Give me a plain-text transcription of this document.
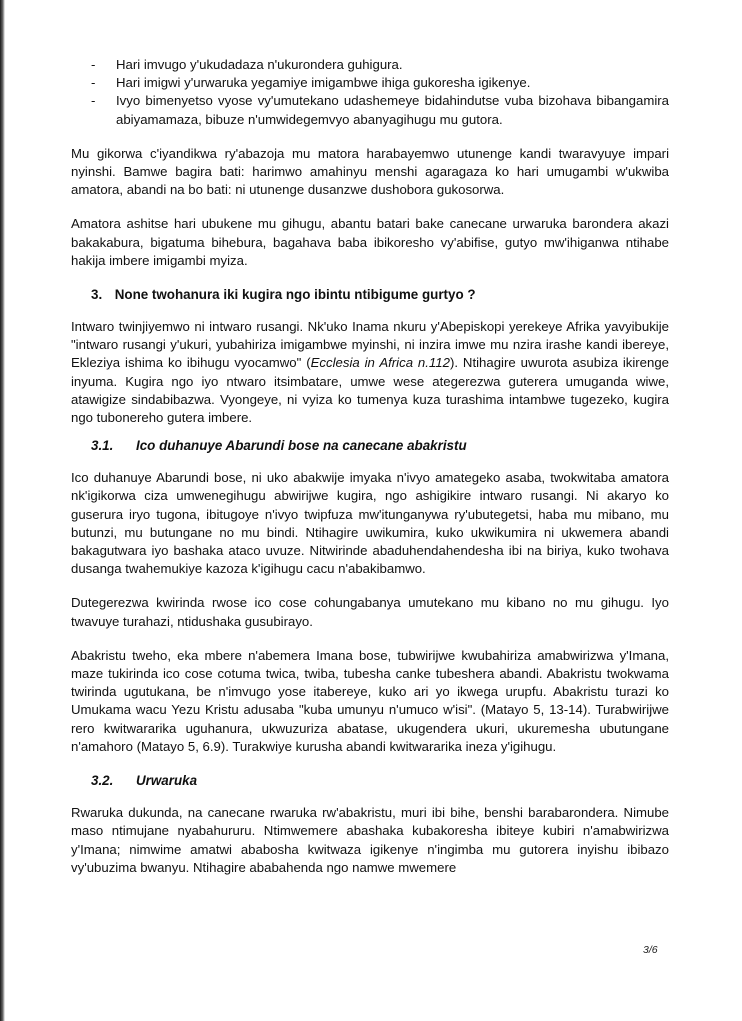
- Hari imvugo y'ukudadaza n'ukurondera guhigura.
- Hari imigwi y'urwaruka yegamiye imigambwe ihiga gukoresha igikenye.
- Ivyo bimenyetso vyose vy'umutekano udashemeye bidahindutse vuba bizohava bibangamira abiyamamaza, bibuze n'umwidegemvyo abanyagihugu mu gutora.

Mu gikorwa c'iyandikwa ry'abazoja mu matora harabayemwo utunenge kandi twaravyuye impari nyinshi. Bamwe bagira bati: harimwo amahinyu menshi agaragaza ko hari umugambi w'ukwiba amatora, abandi na bo bati: ni utunenge dusanzwe dushobora gukosorwa.

Amatora ashitse hari ubukene mu gihugu, abantu batari bake canecane urwaruka barondera akazi bakakabura, bigatuma bihebura, bagahava baba ibikoresho vy'abifise, gutyo mw'ihiganwa ntihabe hakija imbere imigambi myiza.

3. None twohanura iki kugira ngo ibintu ntibigume gurtyo ?

Intwaro twinjiyemwo ni intwaro rusangi. Nk'uko Inama nkuru y'Abepiskopi yerekeye Afrika yavyibukije "intwaro rusangi y'ukuri, yubahiriza imigambwe myinshi, ni inzira imwe mu nzira irashe kandi ibereye, Ekleziya ishima ko ibihugu vyocamwo" (Ecclesia in Africa n.112). Ntihagire uwurota asubiza ikirenge inyuma. Kugira ngo iyo ntwaro itsimbatare, umwe wese ategerezwa guterera umuganda wiwe, atawigize sindabibazwa. Vyongeye, ni vyiza ko tumenya kuza turashima intambwe tugezeko, kugira ngo tubonereho gutera imbere.

3.1. Ico duhanuye Abarundi bose na canecane abakristu

Ico duhanuye Abarundi bose, ni uko abakwije imyaka n'ivyo amategeko asaba, twokwitaba amatora nk'igikorwa ciza umwenegihugu abwirijwe kugira, ngo ashigikire intwaro rusangi. Ni akaryo ko guserura iryo tugona, ibitugoye n'ivyo twipfuza mw'itunganywa ry'ubutegetsi, haba mu mibano, mu butunzi, mu butungane no mu bindi. Ntihagire uwikumira, kuko ukwikumira ni ukwemera abandi bakagutwara iyo bashaka ataco uvuze. Nitwirinde abaduhendahendesha ibi na biriya, kuko twohava dusanga twahemukiye kazoza k'igihugu cacu n'abakibamwo.

Dutegerezwa kwirinda rwose ico cose cohungabanya umutekano mu kibano no mu gihugu. Iyo twavuye turahazi, ntidushaka gusubirayo.

Abakristu tweho, eka mbere n'abemera Imana bose, tubwirijwe kwubahiriza amabwirizwa y'Imana, maze tukirinda ico cose cotuma twica, twiba, tubesha canke tubeshera abandi. Abakristu twokwama twirinda ugutukana, be n'imvugo yose itabereye, kuko ari yo ikwega urupfu. Abakristu turazi ko Umukama wacu Yezu Kristu adusaba "kuba umunyu n'umuco w'isi". (Matayo 5, 13-14). Turabwirijwe rero kwitwararika uguhanura, ukwuzuriza abatase, ukugendera ukuri, ukuremesha ubutungane n'amahoro (Matayo 5, 6.9). Turakwiye kurusha abandi kwitwararika ineza y'igihugu.

3.2. Urwaruka

Rwaruka dukunda, na canecane rwaruka rw'abakristu, muri ibi bihe, benshi barabarondera. Nimube maso ntimujane nyabahururu. Ntimwemere abashaka kubakoresha ibiteye kubiri n'amabwirizwa y'Imana; nimwime amatwi ababosha kwitwaza igikenye n'ingimba mu gutorera inyishu ibibazo vy'ubuzima bwanyu. Ntihagire ababahenda ngo namwe mwemere

3/6
